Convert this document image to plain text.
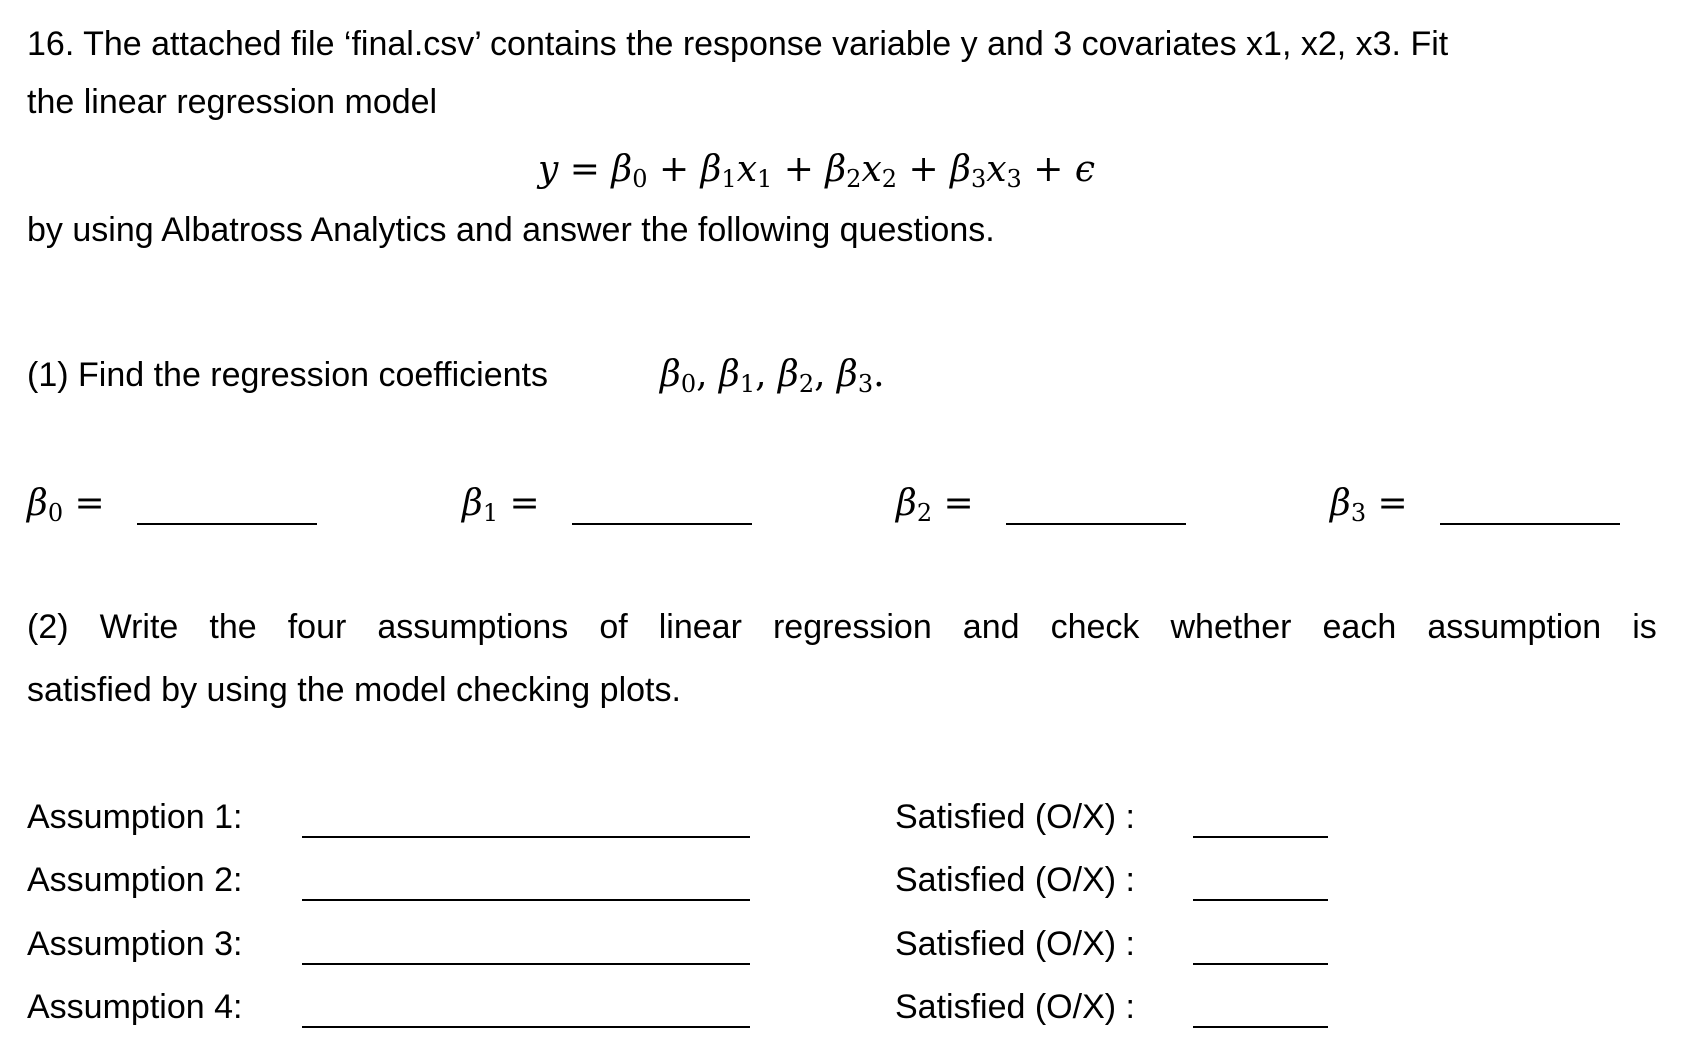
16. The attached file ‘final.csv’ contains the response variable y and 3 covariates x1, x2, x3. Fit

the linear regression model

$y = \beta_0 + \beta_1x_1 + \beta_2x_2 + \beta_3x_3 + \epsilon$

by using Albatross Analytics and answer the following questions.

(1) Find the regression coefficients	$\beta_0$, $\beta_1$, $\beta_2$, $\beta_3$.
$\beta_0$ =	$\beta_1$ =	$\beta_2$ =	$\beta_3$ =
(2) Write the four assumptions of linear regression and check whether each assumption is

satisfied by using the model checking plots.

Assumption 1:	Satisfied (O/X) :

Assumption 2:	Satisfied (O/X) :

Assumption 3:	Satisfied (O/X) :

Assumption 4:	Satisfied (O/X) :
